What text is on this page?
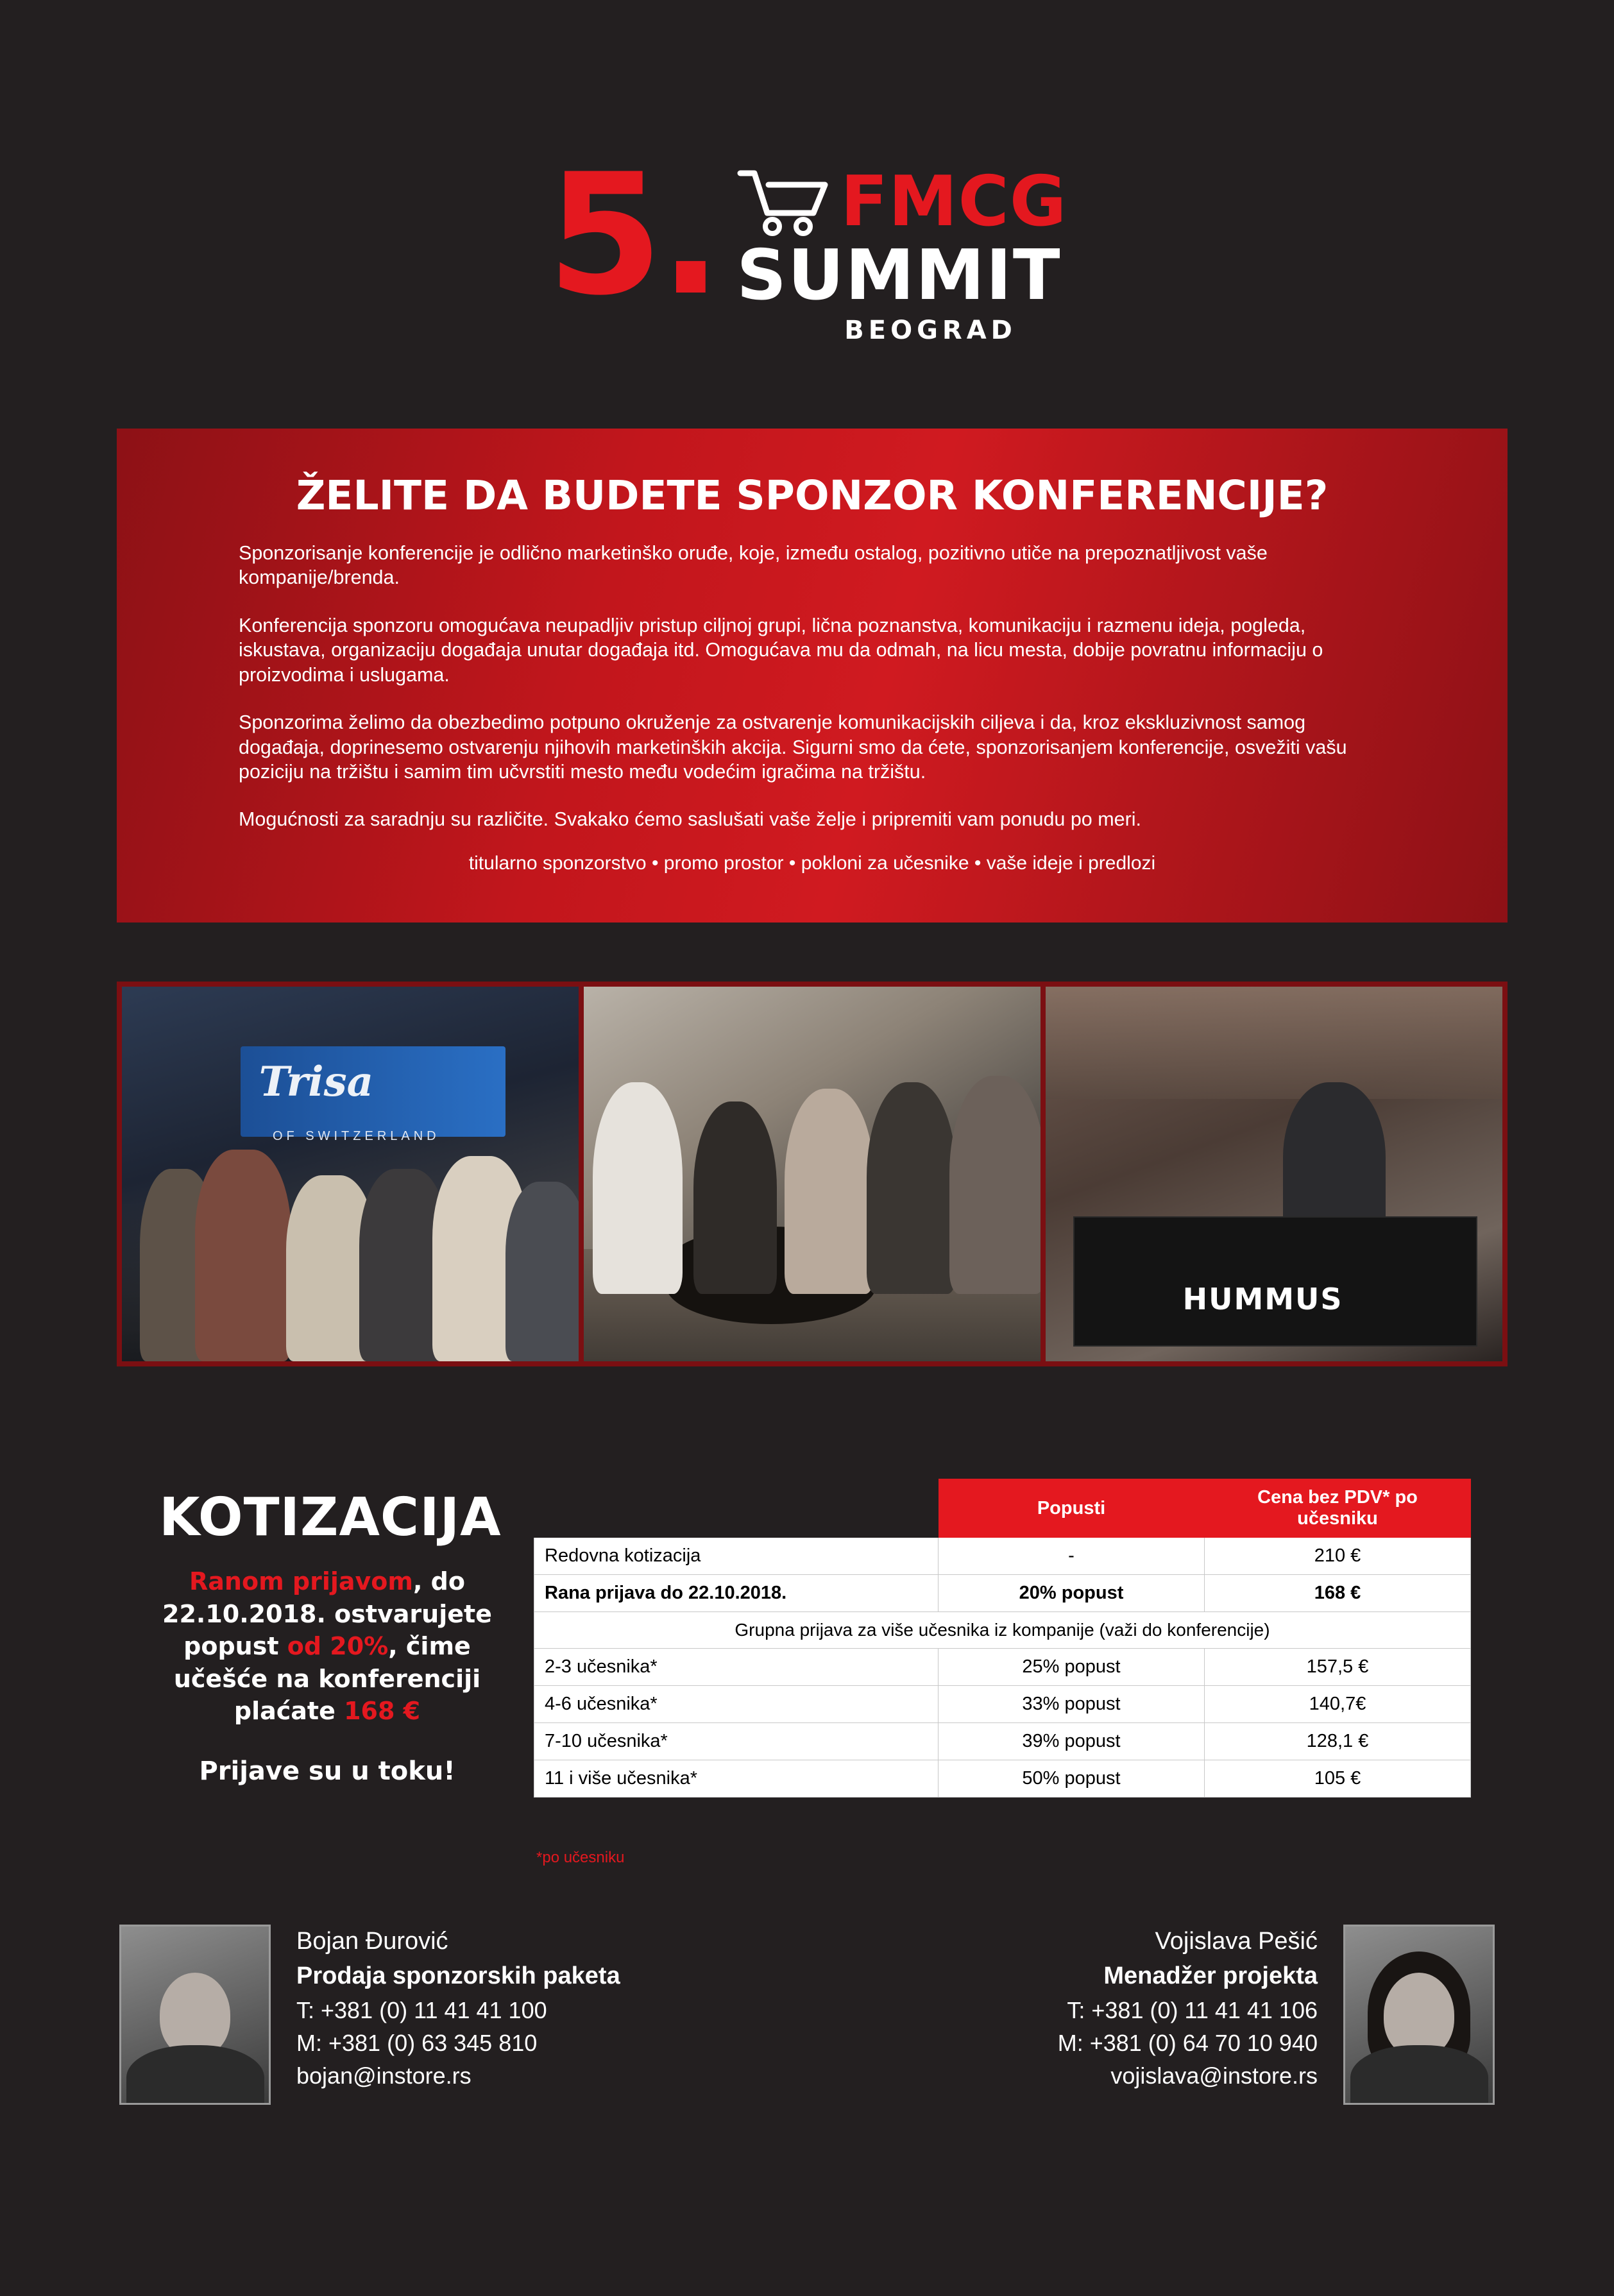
5. FMCG
SUMMIT
BEOGRAD
ŽELITE DA BUDETE SPONZOR KONFERENCIJE?

Sponzorisanje konferencije je odlično marketinško oruđe, koje, između ostalog, pozitivno utiče na prepoznatljivost vaše kompanije/brenda.

Konferencija sponzoru omogućava neupadljiv pristup ciljnoj grupi, lična poznanstva, komunikaciju i razmenu ideja, pogleda, iskustava, organizaciju događaja unutar događaja itd. Omogućava mu da odmah, na licu mesta, dobije povratnu informaciju o proizvodima i uslugama.

Sponzorima želimo da obezbedimo potpuno okruženje za ostvarenje komunikacijskih ciljeva i da, kroz ekskluzivnost samog događaja, doprinesemo ostvarenju njihovih marketinških akcija. Sigurni smo da ćete, sponzorisanjem konferencije, osvežiti vašu poziciju na tržištu i samim tim učvrstiti mesto među vodećim igračima na tržištu.

Mogućnosti za saradnju su različite. Svakako ćemo saslušati vaše želje i pripremiti vam ponudu po meri.

titularno sponzorstvo • promo prostor • pokloni za učesnike • vaše ideje i predlozi
Trisa
OF SWITZERLAND
HUMMUS
KOTIZACIJA
Ranom prijavom, do 22.10.2018. ostvarujete popust od 20%, čime učešće na konferenciji plaćate 168 €
Prijave su u toku!
	Popusti	Cena bez PDV* po učesniku
Redovna kotizacija	-	210 €
Rana prijava do 22.10.2018.	20% popust	168 €
Grupna prijava za više učesnika iz kompanije (važi do konferencije)		
2-3 učesnika*	25% popust	157,5 €
4-6 učesnika*	33% popust	140,7€
7-10 učesnika*	39% popust	128,1 €
11 i više učesnika*	50% popust	105 €
*po učesniku
Bojan Đurović
Prodaja sponzorskih paketa
T: +381 (0) 11 41 41 100
M: +381 (0) 63 345 810
bojan@instore.rs
Vojislava Pešić
Menadžer projekta
T: +381 (0) 11 41 41 106
M: +381 (0) 64 70 10 940
vojislava@instore.rs
